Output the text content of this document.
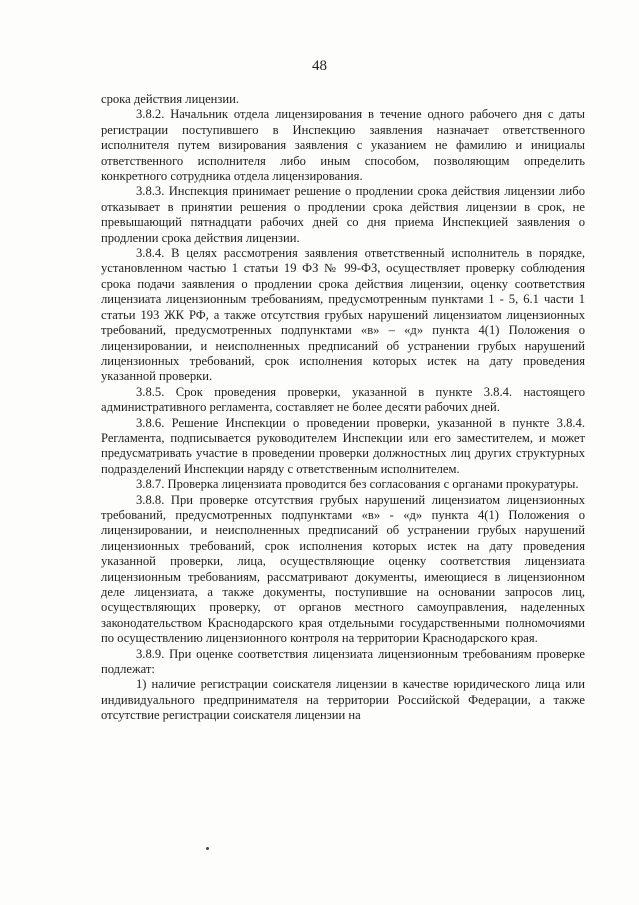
48

срока действия лицензии.

3.8.2. Начальник отдела лицензирования в течение одного рабочего дня с даты регистрации поступившего в Инспекцию заявления назначает ответственного исполнителя путем визирования заявления с указанием не фамилию и инициалы ответственного исполнителя либо иным способом, позволяющим определить конкретного сотрудника отдела лицензирования.

3.8.3. Инспекция принимает решение о продлении срока действия лицензии либо отказывает в принятии решения о продлении срока действия лицензии в срок, не превышающий пятнадцати рабочих дней со дня приема Инспекцией заявления о продлении срока действия лицензии.

3.8.4. В целях рассмотрения заявления ответственный исполнитель в порядке, установленном частью 1 статьи 19 ФЗ № 99-ФЗ, осуществляет проверку соблюдения срока подачи заявления о продлении срока действия лицензии, оценку соответствия лицензиата лицензионным требованиям, предусмотренным пунктами 1 - 5, 6.1 части 1 статьи 193 ЖК РФ, а также отсутствия грубых нарушений лицензиатом лицензионных требований, предусмотренных подпунктами «в» – «д» пункта 4(1) Положения о лицензировании, и неисполненных предписаний об устранении грубых нарушений лицензионных требований, срок исполнения которых истек на дату проведения указанной проверки.

3.8.5. Срок проведения проверки, указанной в пункте 3.8.4. настоящего административного регламента, составляет не более десяти рабочих дней.

3.8.6. Решение Инспекции о проведении проверки, указанной в пункте 3.8.4. Регламента, подписывается руководителем Инспекции или его заместителем, и может предусматривать участие в проведении проверки должностных лиц других структурных подразделений Инспекции наряду с ответственным исполнителем.

3.8.7. Проверка лицензиата проводится без согласования с органами прокуратуры.

3.8.8. При проверке отсутствия грубых нарушений лицензиатом лицензионных требований, предусмотренных подпунктами «в» - «д» пункта 4(1) Положения о лицензировании, и неисполненных предписаний об устранении грубых нарушений лицензионных требований, срок исполнения которых истек на дату проведения указанной проверки, лица, осуществляющие оценку соответствия лицензиата лицензионным требованиям, рассматривают документы, имеющиеся в лицензионном деле лицензиата, а также документы, поступившие на основании запросов лиц, осуществляющих проверку, от органов местного самоуправления, наделенных законодательством Краснодарского края отдельными государственными полномочиями по осуществлению лицензионного контроля на территории Краснодарского края.

3.8.9. При оценке соответствия лицензиата лицензионным требованиям проверке подлежат:

1) наличие регистрации соискателя лицензии в качестве юридического лица или индивидуального предпринимателя на территории Российской Федерации, а также отсутствие регистрации соискателя лицензии на
